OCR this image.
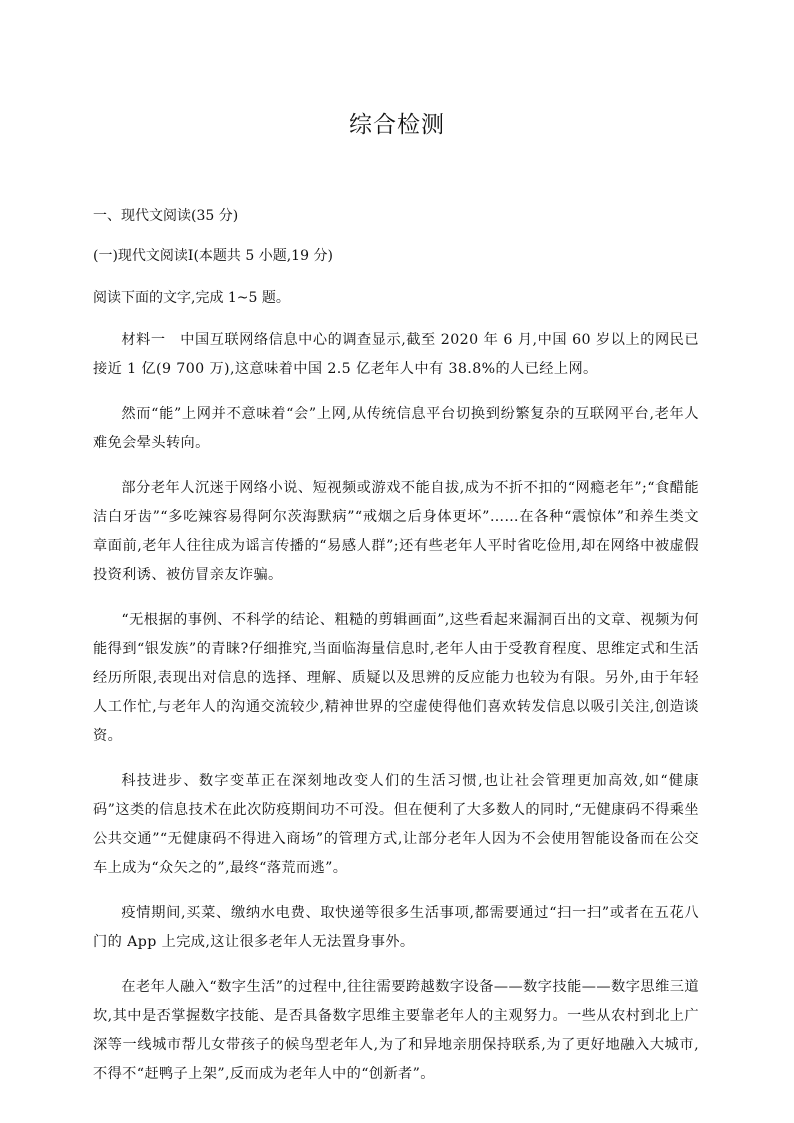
综合检测

一、现代文阅读(35 分)

(一)现代文阅读Ⅰ(本题共 5 小题,19 分)

阅读下面的文字,完成 1~5 题。

材料一　中国互联网络信息中心的调查显示,截至 2020 年 6 月,中国 60 岁以上的网民已接近 1 亿(9 700 万),这意味着中国 2.5 亿老年人中有 38.8%的人已经上网。

然而“能”上网并不意味着“会”上网,从传统信息平台切换到纷繁复杂的互联网平台,老年人难免会晕头转向。

部分老年人沉迷于网络小说、短视频或游戏不能自拔,成为不折不扣的“网瘾老年”;“食醋能洁白牙齿”“多吃辣容易得阿尔茨海默病”“戒烟之后身体更坏”……在各种“震惊体”和养生类文章面前,老年人往往成为谣言传播的“易感人群”;还有些老年人平时省吃俭用,却在网络中被虚假投资利诱、被仿冒亲友诈骗。

“无根据的事例、不科学的结论、粗糙的剪辑画面”,这些看起来漏洞百出的文章、视频为何能得到“银发族”的青睐?仔细推究,当面临海量信息时,老年人由于受教育程度、思维定式和生活经历所限,表现出对信息的选择、理解、质疑以及思辨的反应能力也较为有限。另外,由于年轻人工作忙,与老年人的沟通交流较少,精神世界的空虚使得他们喜欢转发信息以吸引关注,创造谈资。

科技进步、数字变革正在深刻地改变人们的生活习惯,也让社会管理更加高效,如“健康码”这类的信息技术在此次防疫期间功不可没。但在便利了大多数人的同时,“无健康码不得乘坐公共交通”“无健康码不得进入商场”的管理方式,让部分老年人因为不会使用智能设备而在公交车上成为“众矢之的”,最终“落荒而逃”。

疫情期间,买菜、缴纳水电费、取快递等很多生活事项,都需要通过“扫一扫”或者在五花八门的 App 上完成,这让很多老年人无法置身事外。

在老年人融入“数字生活”的过程中,往往需要跨越数字设备——数字技能——数字思维三道坎,其中是否掌握数字技能、是否具备数字思维主要靠老年人的主观努力。一些从农村到北上广深等一线城市帮儿女带孩子的候鸟型老年人,为了和异地亲朋保持联系,为了更好地融入大城市,不得不“赶鸭子上架”,反而成为老年人中的“创新者”。
